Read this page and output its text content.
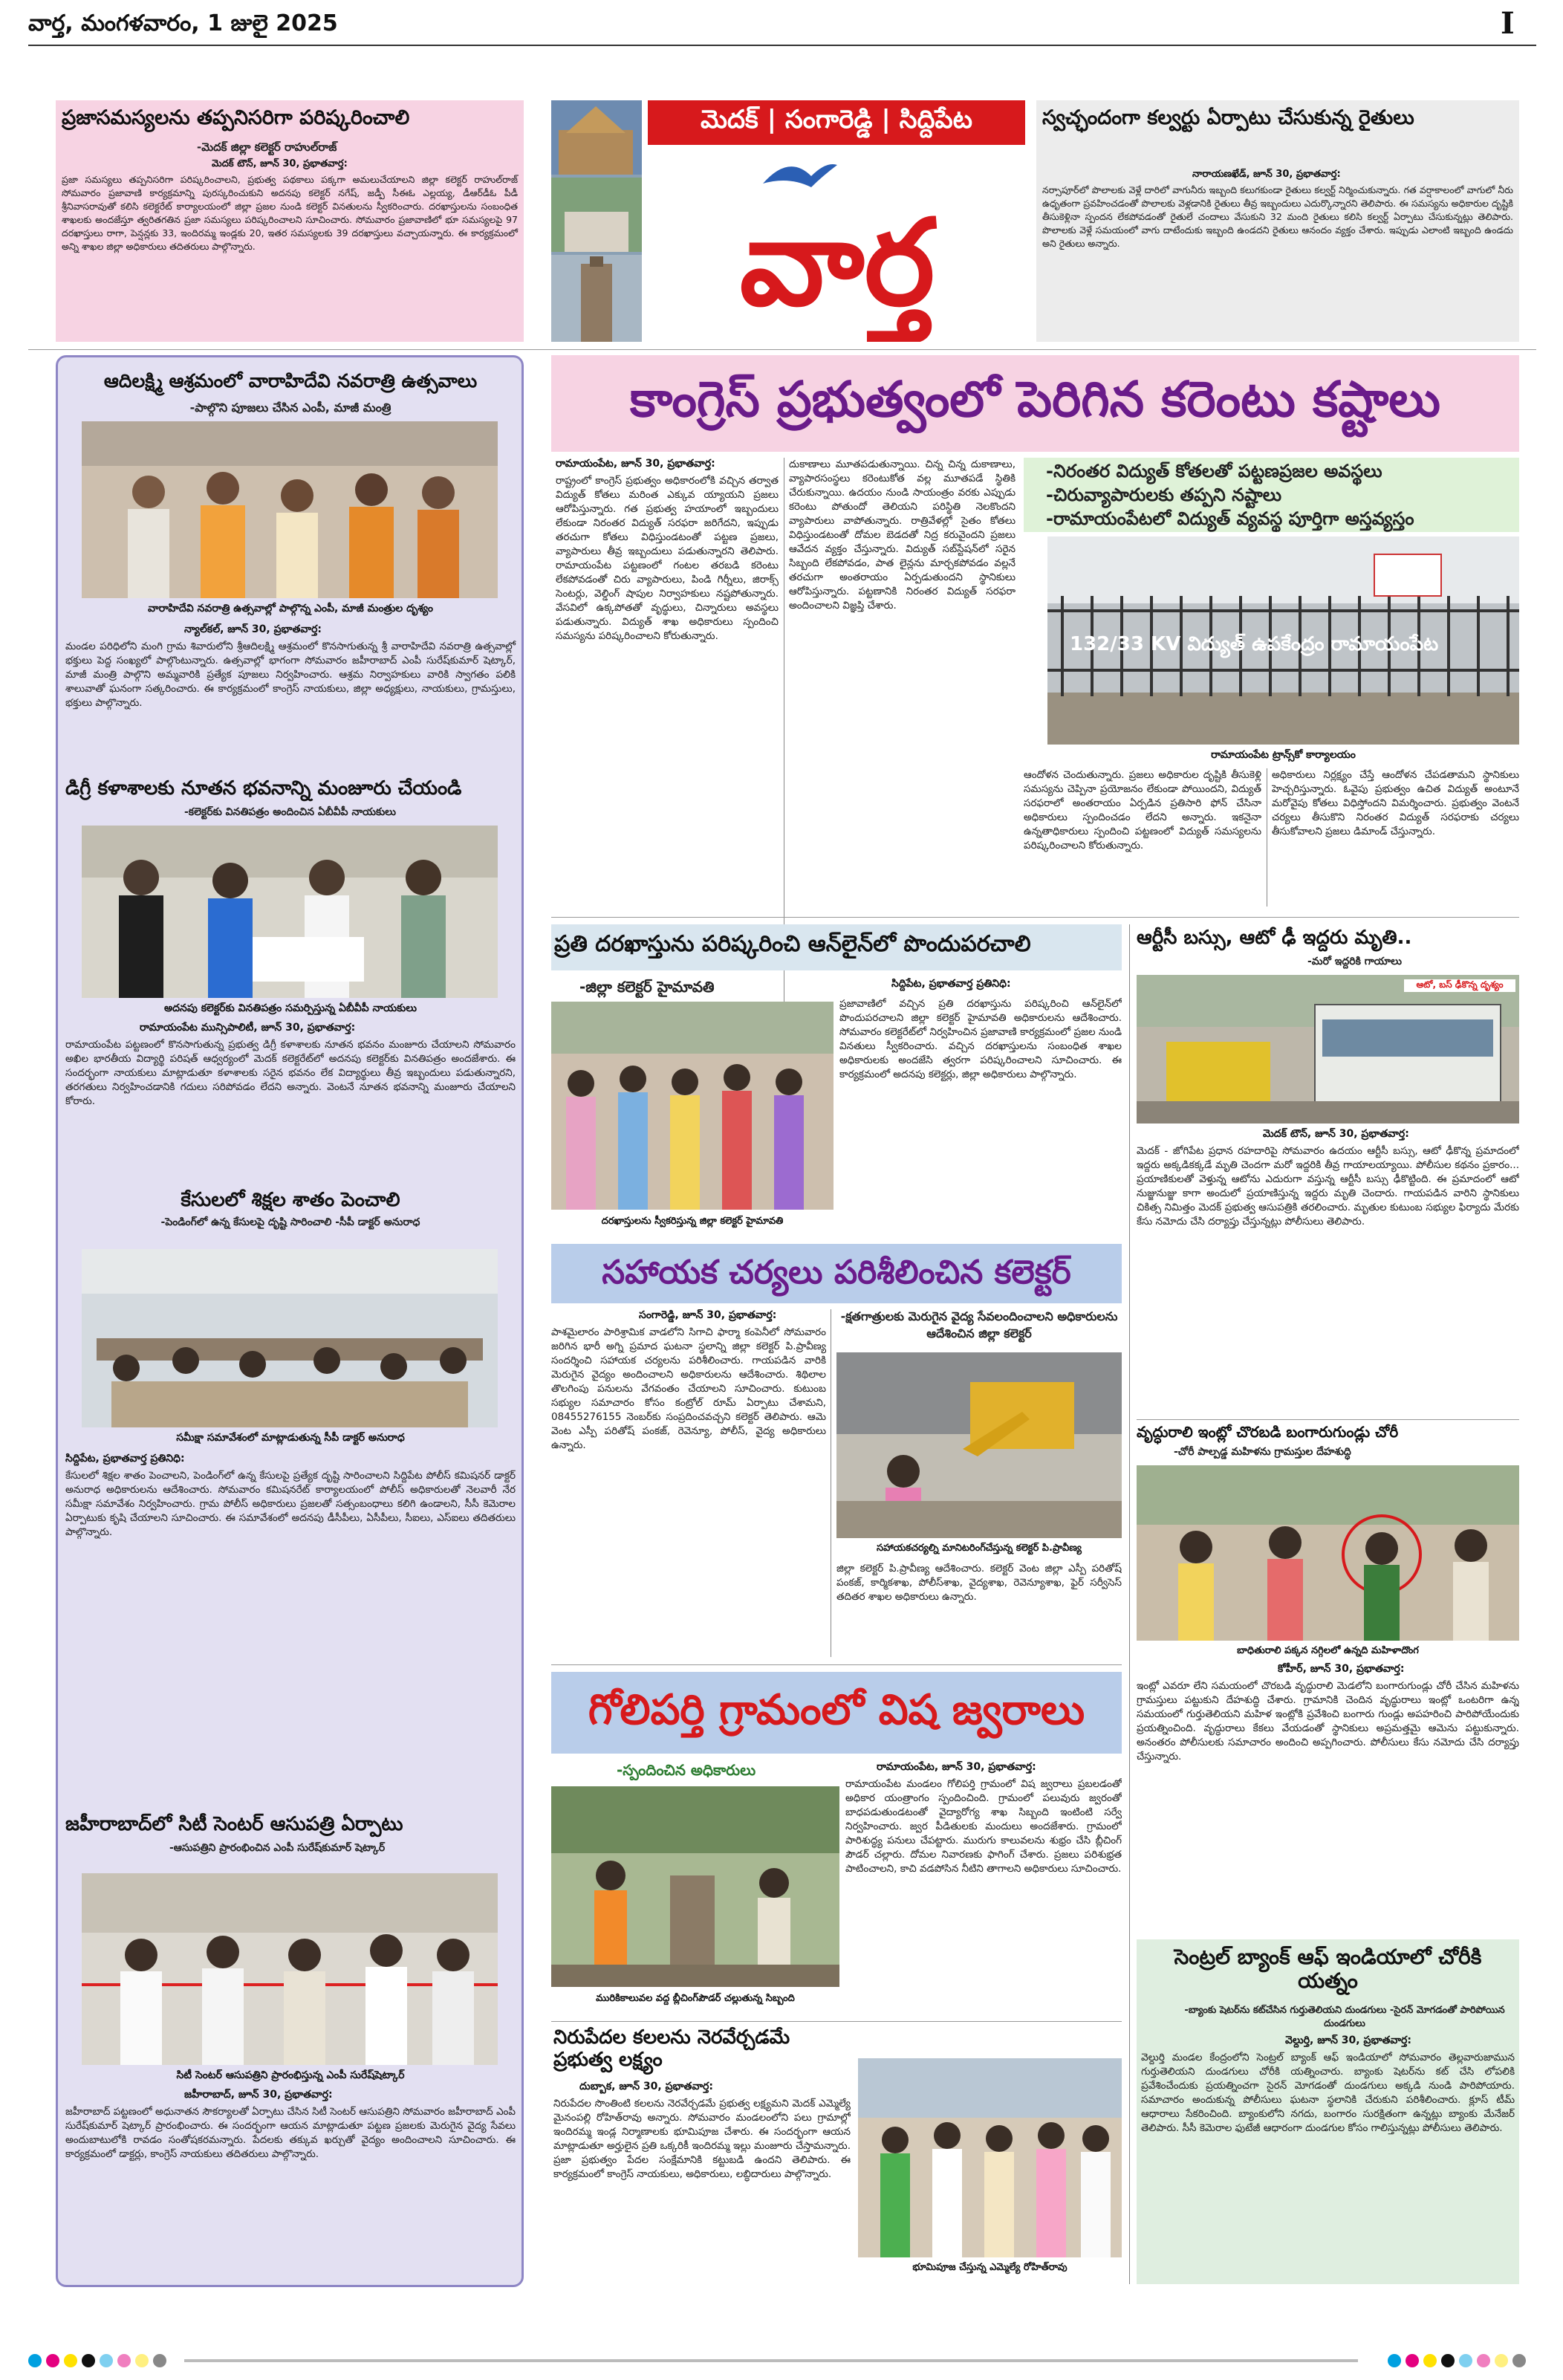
వార్త, మంగళవారం, 1 జులై 2025	I
ప్రజాసమస్యలను తప్పనిసరిగా పరిష్కరించాలి
-మెదక్ జిల్లా కలెక్టర్ రాహుల్‌రాజ్
మెదక్ టౌన్, జూన్ 30, ప్రభాతవార్త:
ప్రజా సమస్యలు తప్పనిసరిగా పరిష్కరించాలని, ప్రభుత్వ పథకాలు పక్కగా అమలుచేయాలని జిల్లా కలెక్టర్ రాహుల్‌రాజ్ సోమవారం ప్రజావాణి కార్యక్రమాన్ని పురస్కరించుకుని అదనపు కలెక్టర్ నగేష్, జడ్పీ సీఈఓ ఎల్లయ్య, డీఆర్‌డీఓ పీడీ శ్రీనివాసరావుతో కలిసి కలెక్టరేట్ కార్యాలయంలో జిల్లా ప్రజల నుండి కలెక్టర్ వినతులను స్వీకరించారు. దరఖాస్తులను సంబంధిత శాఖలకు అందజేస్తూ త్వరితగతిన ప్రజా సమస్యలు పరిష్కరించాలని సూచించారు. సోమవారం ప్రజావాణిలో భూ సమస్యలపై 97 దరఖాస్తులు రాగా, పెన్షన్లకు 33, ఇందిరమ్మ ఇండ్లకు 20, ఇతర సమస్యలకు 39 దరఖాస్తులు వచ్చాయన్నారు. ఈ కార్యక్రమంలో అన్ని శాఖల జిల్లా అధికారులు తదితరులు పాల్గొన్నారు.
మెదక్ | సంగారెడ్డి | సిద్దిపేట
వార్త
స్వచ్ఛందంగా కల్వర్టు ఏర్పాటు చేసుకున్న రైతులు
నారాయణఖేడ్, జూన్ 30, ప్రభాతవార్త:
నర్సాపూర్‌లో పొలాలకు వెళ్లే దారిలో వాగునీరు ఇబ్బంది కలుగకుండా రైతులు కల్వర్ట్ నిర్మించుకున్నారు. గత వర్షాకాలంలో వాగులో నీరు ఉధృతంగా ప్రవహించడంతో పొలాలకు వెళ్లడానికి రైతులు తీవ్ర ఇబ్బందులు ఎదుర్కొన్నారని తెలిపారు. ఈ సమస్యను అధికారుల దృష్టికి తీసుకెళ్లినా స్పందన లేకపోవడంతో రైతులే చందాలు వేసుకుని 32 మంది రైతులు కలిసి కల్వర్ట్ ఏర్పాటు చేసుకున్నట్లు తెలిపారు. పొలాలకు వెళ్లే సమయంలో వాగు దాటేందుకు ఇబ్బంది ఉండదని రైతులు ఆనందం వ్యక్తం చేశారు. ఇప్పుడు ఎలాంటి ఇబ్బంది ఉండదు అని రైతులు అన్నారు.
ఆదిలక్ష్మి ఆశ్రమంలో వారాహిదేవి నవరాత్రి ఉత్సవాలు
-పాల్గొని పూజలు చేసిన ఎంపీ, మాజీ మంత్రి
వారాహిదేవి నవరాత్రి ఉత్సవాల్లో పాల్గొన్న ఎంపీ, మాజీ మంత్రుల దృశ్యం
న్యాల్‌కల్, జూన్ 30, ప్రభాతవార్త:
మండల పరిధిలోని మంగి గ్రామ శివారులోని శ్రీఆదిలక్ష్మి ఆశ్రమంలో కొనసాగుతున్న శ్రీ వారాహిదేవి నవరాత్రి ఉత్సవాల్లో భక్తులు పెద్ద సంఖ్యలో పాల్గొంటున్నారు. ఉత్సవాల్లో భాగంగా సోమవారం జహీరాబాద్ ఎంపీ సురేష్‌కుమార్ షెట్కార్, మాజీ మంత్రి పాల్గొని అమ్మవారికి ప్రత్యేక పూజలు నిర్వహించారు. ఆశ్రమ నిర్వాహకులు వారికి స్వాగతం పలికి శాలువాతో ఘనంగా సత్కరించారు. ఈ కార్యక్రమంలో కాంగ్రెస్ నాయకులు, జిల్లా అధ్యక్షులు, నాయకులు, గ్రామస్తులు, భక్తులు పాల్గొన్నారు.
డిగ్రీ కళాశాలకు నూతన భవనాన్ని మంజూరు చేయండి
-కలెక్టర్‌కు వినతిపత్రం అందించిన ఏబీవీపీ నాయకులు
అదనపు కలెక్టర్‌కు వినతిపత్రం సమర్పిస్తున్న ఏబీవీపీ నాయకులు
రామాయంపేట మున్సిపాలిటీ, జూన్ 30, ప్రభాతవార్త:
రామాయంపేట పట్టణంలో కొనసాగుతున్న ప్రభుత్వ డిగ్రీ కళాశాలకు నూతన భవనం మంజూరు చేయాలని సోమవారం అఖిల భారతీయ విద్యార్థి పరిషత్ ఆధ్వర్యంలో మెదక్ కలెక్టరేట్‌లో అదనపు కలెక్టర్‌కు వినతిపత్రం అందజేశారు. ఈ సందర్భంగా నాయకులు మాట్లాడుతూ కళాశాలకు సరైన భవనం లేక విద్యార్థులు తీవ్ర ఇబ్బందులు పడుతున్నారని, తరగతులు నిర్వహించడానికి గదులు సరిపోవడం లేదని అన్నారు. వెంటనే నూతన భవనాన్ని మంజూరు చేయాలని కోరారు.
కేసులలో శిక్షల శాతం పెంచాలి
-పెండింగ్‌లో ఉన్న కేసులపై దృష్టి సారించాలి -సీపీ డాక్టర్ అనురాధ
సమీక్షా సమావేశంలో మాట్లాడుతున్న సీపీ డాక్టర్ అనురాధ
సిద్దిపేట, ప్రభాతవార్త ప్రతినిధి:
కేసులలో శిక్షల శాతం పెంచాలని, పెండింగ్‌లో ఉన్న కేసులపై ప్రత్యేక దృష్టి సారించాలని సిద్దిపేట పోలీస్ కమిషనర్ డాక్టర్ అనురాధ అధికారులను ఆదేశించారు. సోమవారం కమిషనరేట్ కార్యాలయంలో పోలీస్ అధికారులతో నెలవారీ నేర సమీక్షా సమావేశం నిర్వహించారు. గ్రామ పోలీస్ అధికారులు ప్రజలతో సత్సంబంధాలు కలిగి ఉండాలని, సీసీ కెమెరాల ఏర్పాటుకు కృషి చేయాలని సూచించారు. ఈ సమావేశంలో అదనపు డీసీపీలు, ఏసీపీలు, సీఐలు, ఎస్ఐలు తదితరులు పాల్గొన్నారు.
జహీరాబాద్‌లో సిటీ సెంటర్ ఆసుపత్రి ఏర్పాటు
-ఆసుపత్రిని ప్రారంభించిన ఎంపీ సురేష్‌కుమార్ షెట్కార్
సిటీ సెంటర్ ఆసుపత్రిని ప్రారంభిస్తున్న ఎంపీ సురేష్‌షెట్కార్
జహీరాబాద్, జూన్ 30, ప్రభాతవార్త:
జహీరాబాద్ పట్టణంలో అధునాతన సౌకర్యాలతో ఏర్పాటు చేసిన సిటీ సెంటర్ ఆసుపత్రిని సోమవారం జహీరాబాద్ ఎంపీ సురేష్‌కుమార్ షెట్కార్ ప్రారంభించారు. ఈ సందర్భంగా ఆయన మాట్లాడుతూ పట్టణ ప్రజలకు మెరుగైన వైద్య సేవలు అందుబాటులోకి రావడం సంతోషకరమన్నారు. పేదలకు తక్కువ ఖర్చుతో వైద్యం అందించాలని సూచించారు. ఈ కార్యక్రమంలో డాక్టర్లు, కాంగ్రెస్ నాయకులు తదితరులు పాల్గొన్నారు.
కాంగ్రెస్ ప్రభుత్వంలో పెరిగిన కరెంటు కష్టాలు
రామాయంపేట, జూన్ 30, ప్రభాతవార్త:
రాష్ట్రంలో కాంగ్రెస్ ప్రభుత్వం అధికారంలోకి వచ్చిన తర్వాత విద్యుత్ కోతలు మరింత ఎక్కువ య్యాయని ప్రజలు ఆరోపిస్తున్నారు. గత ప్రభుత్వ హయాంలో ఇబ్బందులు లేకుండా నిరంతర విద్యుత్ సరఫరా జరిగేదని, ఇప్పుడు తరచుగా కోతలు విధిస్తుండటంతో పట్టణ ప్రజలు, వ్యాపారులు తీవ్ర ఇబ్బందులు పడుతున్నారని తెలిపారు. రామాయంపేట పట్టణంలో గంటల తరబడి కరెంటు లేకపోవడంతో చిరు వ్యాపారులు, పిండి గిర్నీలు, జిరాక్స్ సెంటర్లు, వెల్డింగ్ షాపుల నిర్వాహకులు నష్టపోతున్నారు. వేసవిలో ఉక్కపోతతో వృద్ధులు, చిన్నారులు అవస్థలు పడుతున్నారు. విద్యుత్ శాఖ అధికారులు స్పందించి సమస్యను పరిష్కరించాలని కోరుతున్నారు.
దుకాణాలు మూతపడుతున్నాయి. చిన్న చిన్న దుకాణాలు, వ్యాపారసంస్థలు కరెంటుకోత వల్ల మూతపడే స్థితికి చేరుకున్నాయి. ఉదయం నుండి సాయంత్రం వరకు ఎప్పుడు కరెంటు పోతుందో తెలియని పరిస్థితి నెలకొందని వ్యాపారులు వాపోతున్నారు. రాత్రివేళల్లో సైతం కోతలు విధిస్తుండటంతో దోమల బెడదతో నిద్ర కరువైందని ప్రజలు ఆవేదన వ్యక్తం చేస్తున్నారు. విద్యుత్ సబ్‌స్టేషన్‌లో సరైన సిబ్బంది లేకపోవడం, పాత లైన్లను మార్చకపోవడం వల్లనే తరచుగా అంతరాయం ఏర్పడుతుందని స్థానికులు ఆరోపిస్తున్నారు. పట్టణానికి నిరంతర విద్యుత్ సరఫరా అందించాలని విజ్ఞప్తి చేశారు.
-నిరంతర విద్యుత్ కోతలతో పట్టణప్రజల అవస్థలు
-చిరువ్యాపారులకు తప్పని నష్టాలు
-రామాయంపేటలో విద్యుత్ వ్యవస్థ పూర్తిగా అస్తవ్యస్తం
132/33 KV విద్యుత్ ఉపకేంద్రం రామాయంపేట
రామాయంపేట ట్రాన్స్‌కో కార్యాలయం
ఆందోళన చెందుతున్నారు. ప్రజలు అధికారుల దృష్టికి తీసుకెళ్లి సమస్యను చెప్పినా ప్రయోజనం లేకుండా పోయిందని, విద్యుత్ సరఫరాలో అంతరాయం ఏర్పడిన ప్రతిసారి ఫోన్ చేసినా అధికారులు స్పందించడం లేదని అన్నారు. ఇకనైనా ఉన్నతాధికారులు స్పందించి పట్టణంలో విద్యుత్ సమస్యలను పరిష్కరించాలని కోరుతున్నారు.
అధికారులు నిర్లక్ష్యం చేస్తే ఆందోళన చేపడతామని స్థానికులు హెచ్చరిస్తున్నారు. ఓవైపు ప్రభుత్వం ఉచిత విద్యుత్ అంటూనే మరోవైపు కోతలు విధిస్తోందని విమర్శించారు. ప్రభుత్వం వెంటనే చర్యలు తీసుకొని నిరంతర విద్యుత్ సరఫరాకు చర్యలు తీసుకోవాలని ప్రజలు డిమాండ్ చేస్తున్నారు.
ప్రతి దరఖాస్తును పరిష్కరించి ఆన్‌లైన్‌లో పొందుపరచాలి
-జిల్లా కలెక్టర్ హైమావతి
దరఖాస్తులను స్వీకరిస్తున్న జిల్లా కలెక్టర్ హైమావతి
సిద్దిపేట, ప్రభాతవార్త ప్రతినిధి:
ప్రజావాణిలో వచ్చిన ప్రతి దరఖాస్తును పరిష్కరించి ఆన్‌లైన్‌లో పొందుపరచాలని జిల్లా కలెక్టర్ హైమావతి అధికారులను ఆదేశించారు. సోమవారం కలెక్టరేట్‌లో నిర్వహించిన ప్రజావాణి కార్యక్రమంలో ప్రజల నుండి వినతులు స్వీకరించారు. వచ్చిన దరఖాస్తులను సంబంధిత శాఖల అధికారులకు అందజేసి త్వరగా పరిష్కరించాలని సూచించారు. ఈ కార్యక్రమంలో అదనపు కలెక్టర్లు, జిల్లా అధికారులు పాల్గొన్నారు.
సహాయక చర్యలు పరిశీలించిన కలెక్టర్
సంగారెడ్డి, జూన్ 30, ప్రభాతవార్త:
పాశమైలారం పారిశ్రామిక వాడలోని సిగాచి ఫార్మా కంపెనీలో సోమవారం జరిగిన భారీ అగ్ని ప్రమాద ఘటనా స్థలాన్ని జిల్లా కలెక్టర్ పి.ప్రావీణ్య సందర్శించి సహాయక చర్యలను పరిశీలించారు. గాయపడిన వారికి మెరుగైన వైద్యం అందించాలని అధికారులను ఆదేశించారు. శిథిలాల తొలగింపు పనులను వేగవంతం చేయాలని సూచించారు. కుటుంబ సభ్యుల సమాచారం కోసం కంట్రోల్ రూమ్ ఏర్పాటు చేశామని, 08455276155 నెంబర్‌కు సంప్రదించవచ్చని కలెక్టర్ తెలిపారు. ఆమె వెంట ఎస్పీ పరితోష్ పంకజ్, రెవెన్యూ, పోలీస్, వైద్య అధికారులు ఉన్నారు.
-క్షతగాత్రులకు మెరుగైన వైద్య సేవలందించాలని అధికారులను ఆదేశించిన జిల్లా కలెక్టర్
సహాయకచర్యల్ని మానిటరింగ్‌చేస్తున్న కలెక్టర్ పి.ప్రావీణ్య
జిల్లా కలెక్టర్ పి.ప్రావీణ్య ఆదేశించారు. కలెక్టర్ వెంట జిల్లా ఎస్పీ పరితోష్ పంకజ్, కార్మికశాఖ, పోలీస్‌శాఖ, వైద్యశాఖ, రెవెన్యూశాఖ, ఫైర్ సర్వీసెస్ తదితర శాఖల అధికారులు ఉన్నారు.
గోలిపర్తి గ్రామంలో విష జ్వరాలు
-స్పందించిన అధికారులు
మురికికాలువల వద్ద బ్లీచింగ్‌పౌడర్ చల్లుతున్న సిబ్బంది
రామాయంపేట, జూన్ 30, ప్రభాతవార్త:
రామాయంపేట మండలం గోలిపర్తి గ్రామంలో విష జ్వరాలు ప్రబలడంతో అధికార యంత్రాంగం స్పందించింది. గ్రామంలో పలువురు జ్వరంతో బాధపడుతుండటంతో వైద్యారోగ్య శాఖ సిబ్బంది ఇంటింటి సర్వే నిర్వహించారు. జ్వర పీడితులకు మందులు అందజేశారు. గ్రామంలో పారిశుద్ధ్య పనులు చేపట్టారు. మురుగు కాలువలను శుభ్రం చేసి బ్లీచింగ్ పౌడర్ చల్లారు. దోమల నివారణకు ఫాగింగ్ చేశారు. ప్రజలు పరిశుభ్రత పాటించాలని, కాచి వడపోసిన నీటిని తాగాలని అధికారులు సూచించారు.
నిరుపేదల కలలను నెరవేర్చడమే ప్రభుత్వ లక్ష్యం
దుబ్బాక, జూన్ 30, ప్రభాతవార్త:
నిరుపేదల సొంతింటి కలలను నెరవేర్చడమే ప్రభుత్వ లక్ష్యమని మెదక్ ఎమ్మెల్యే మైనంపల్లి రోహిత్‌రావు అన్నారు. సోమవారం మండలంలోని పలు గ్రామాల్లో ఇందిరమ్మ ఇండ్ల నిర్మాణాలకు భూమిపూజ చేశారు. ఈ సందర్భంగా ఆయన మాట్లాడుతూ అర్హులైన ప్రతి ఒక్కరికీ ఇందిరమ్మ ఇల్లు మంజూరు చేస్తామన్నారు. ప్రజా ప్రభుత్వం పేదల సంక్షేమానికి కట్టుబడి ఉందని తెలిపారు. ఈ కార్యక్రమంలో కాంగ్రెస్ నాయకులు, అధికారులు, లబ్ధిదారులు పాల్గొన్నారు.
భూమిపూజ చేస్తున్న ఎమ్మెల్యే రోహిత్‌రావు
ఆర్టీసీ బస్సు, ఆటో ఢీ ఇద్దరు మృతి..
-మరో ఇద్దరికి గాయాలు
ఆటో, బస్ ఢీకొన్న దృశ్యం
మెదక్ టౌన్, జూన్ 30, ప్రభాతవార్త:
మెదక్ - జోగిపేట ప్రధాన రహదారిపై సోమవారం ఉదయం ఆర్టీసీ బస్సు, ఆటో ఢీకొన్న ప్రమాదంలో ఇద్దరు అక్కడికక్కడే మృతి చెందగా మరో ఇద్దరికి తీవ్ర గాయాలయ్యాయి. పోలీసుల కథనం ప్రకారం... ప్రయాణికులతో వెళ్తున్న ఆటోను ఎదురుగా వస్తున్న ఆర్టీసీ బస్సు ఢీకొట్టింది. ఈ ప్రమాదంలో ఆటో నుజ్జునుజ్జు కాగా అందులో ప్రయాణిస్తున్న ఇద్దరు మృతి చెందారు. గాయపడిన వారిని స్థానికులు చికిత్స నిమిత్తం మెదక్ ప్రభుత్వ ఆసుపత్రికి తరలించారు. మృతుల కుటుంబ సభ్యుల ఫిర్యాదు మేరకు కేసు నమోదు చేసి దర్యాప్తు చేస్తున్నట్లు పోలీసులు తెలిపారు.
వృద్ధురాలి ఇంట్లో చొరబడి బంగారుగుండ్లు చోరీ
-చోరీ పాల్పడ్డ మహిళను గ్రామస్తుల దేహశుద్ధి
బాధితురాలి పక్కన నగ్గిలలో ఉన్నది మహిళాదొంగ
కోహీర్, జూన్ 30, ప్రభాతవార్త:
ఇంట్లో ఎవరూ లేని సమయంలో చొరబడి వృద్ధురాలి మెడలోని బంగారుగుండ్లు చోరీ చేసిన మహిళను గ్రామస్తులు పట్టుకుని దేహశుద్ధి చేశారు. గ్రామానికి చెందిన వృద్ధురాలు ఇంట్లో ఒంటరిగా ఉన్న సమయంలో గుర్తుతెలియని మహిళ ఇంట్లోకి ప్రవేశించి బంగారు గుండ్లు అపహరించి పారిపోయేందుకు ప్రయత్నించింది. వృద్ధురాలు కేకలు వేయడంతో స్థానికులు అప్రమత్తమై ఆమెను పట్టుకున్నారు. అనంతరం పోలీసులకు సమాచారం అందించి అప్పగించారు. పోలీసులు కేసు నమోదు చేసి దర్యాప్తు చేస్తున్నారు.
సెంట్రల్ బ్యాంక్ ఆఫ్ ఇండియాలో చోరీకి యత్నం
-బ్యాంకు షెటర్‌ను కట్‌చేసిన గుర్తుతెలియని దుండగులు -సైరన్ మోగడంతో పారిపోయిన దుండగులు
వెల్దుర్తి, జూన్ 30, ప్రభాతవార్త:
వెల్దుర్తి మండల కేంద్రంలోని సెంట్రల్ బ్యాంక్ ఆఫ్ ఇండియాలో సోమవారం తెల్లవారుజామున గుర్తుతెలియని దుండగులు చోరీకి యత్నించారు. బ్యాంకు షెటర్‌ను కట్ చేసి లోపలికి ప్రవేశించేందుకు ప్రయత్నించగా సైరన్ మోగడంతో దుండగులు అక్కడి నుండి పారిపోయారు. సమాచారం అందుకున్న పోలీసులు ఘటనా స్థలానికి చేరుకుని పరిశీలించారు. క్లూస్ టీమ్ ఆధారాలు సేకరించింది. బ్యాంకులోని నగదు, బంగారం సురక్షితంగా ఉన్నట్లు బ్యాంకు మేనేజర్ తెలిపారు. సీసీ కెమెరాల ఫుటేజీ ఆధారంగా దుండగుల కోసం గాలిస్తున్నట్లు పోలీసులు తెలిపారు.
